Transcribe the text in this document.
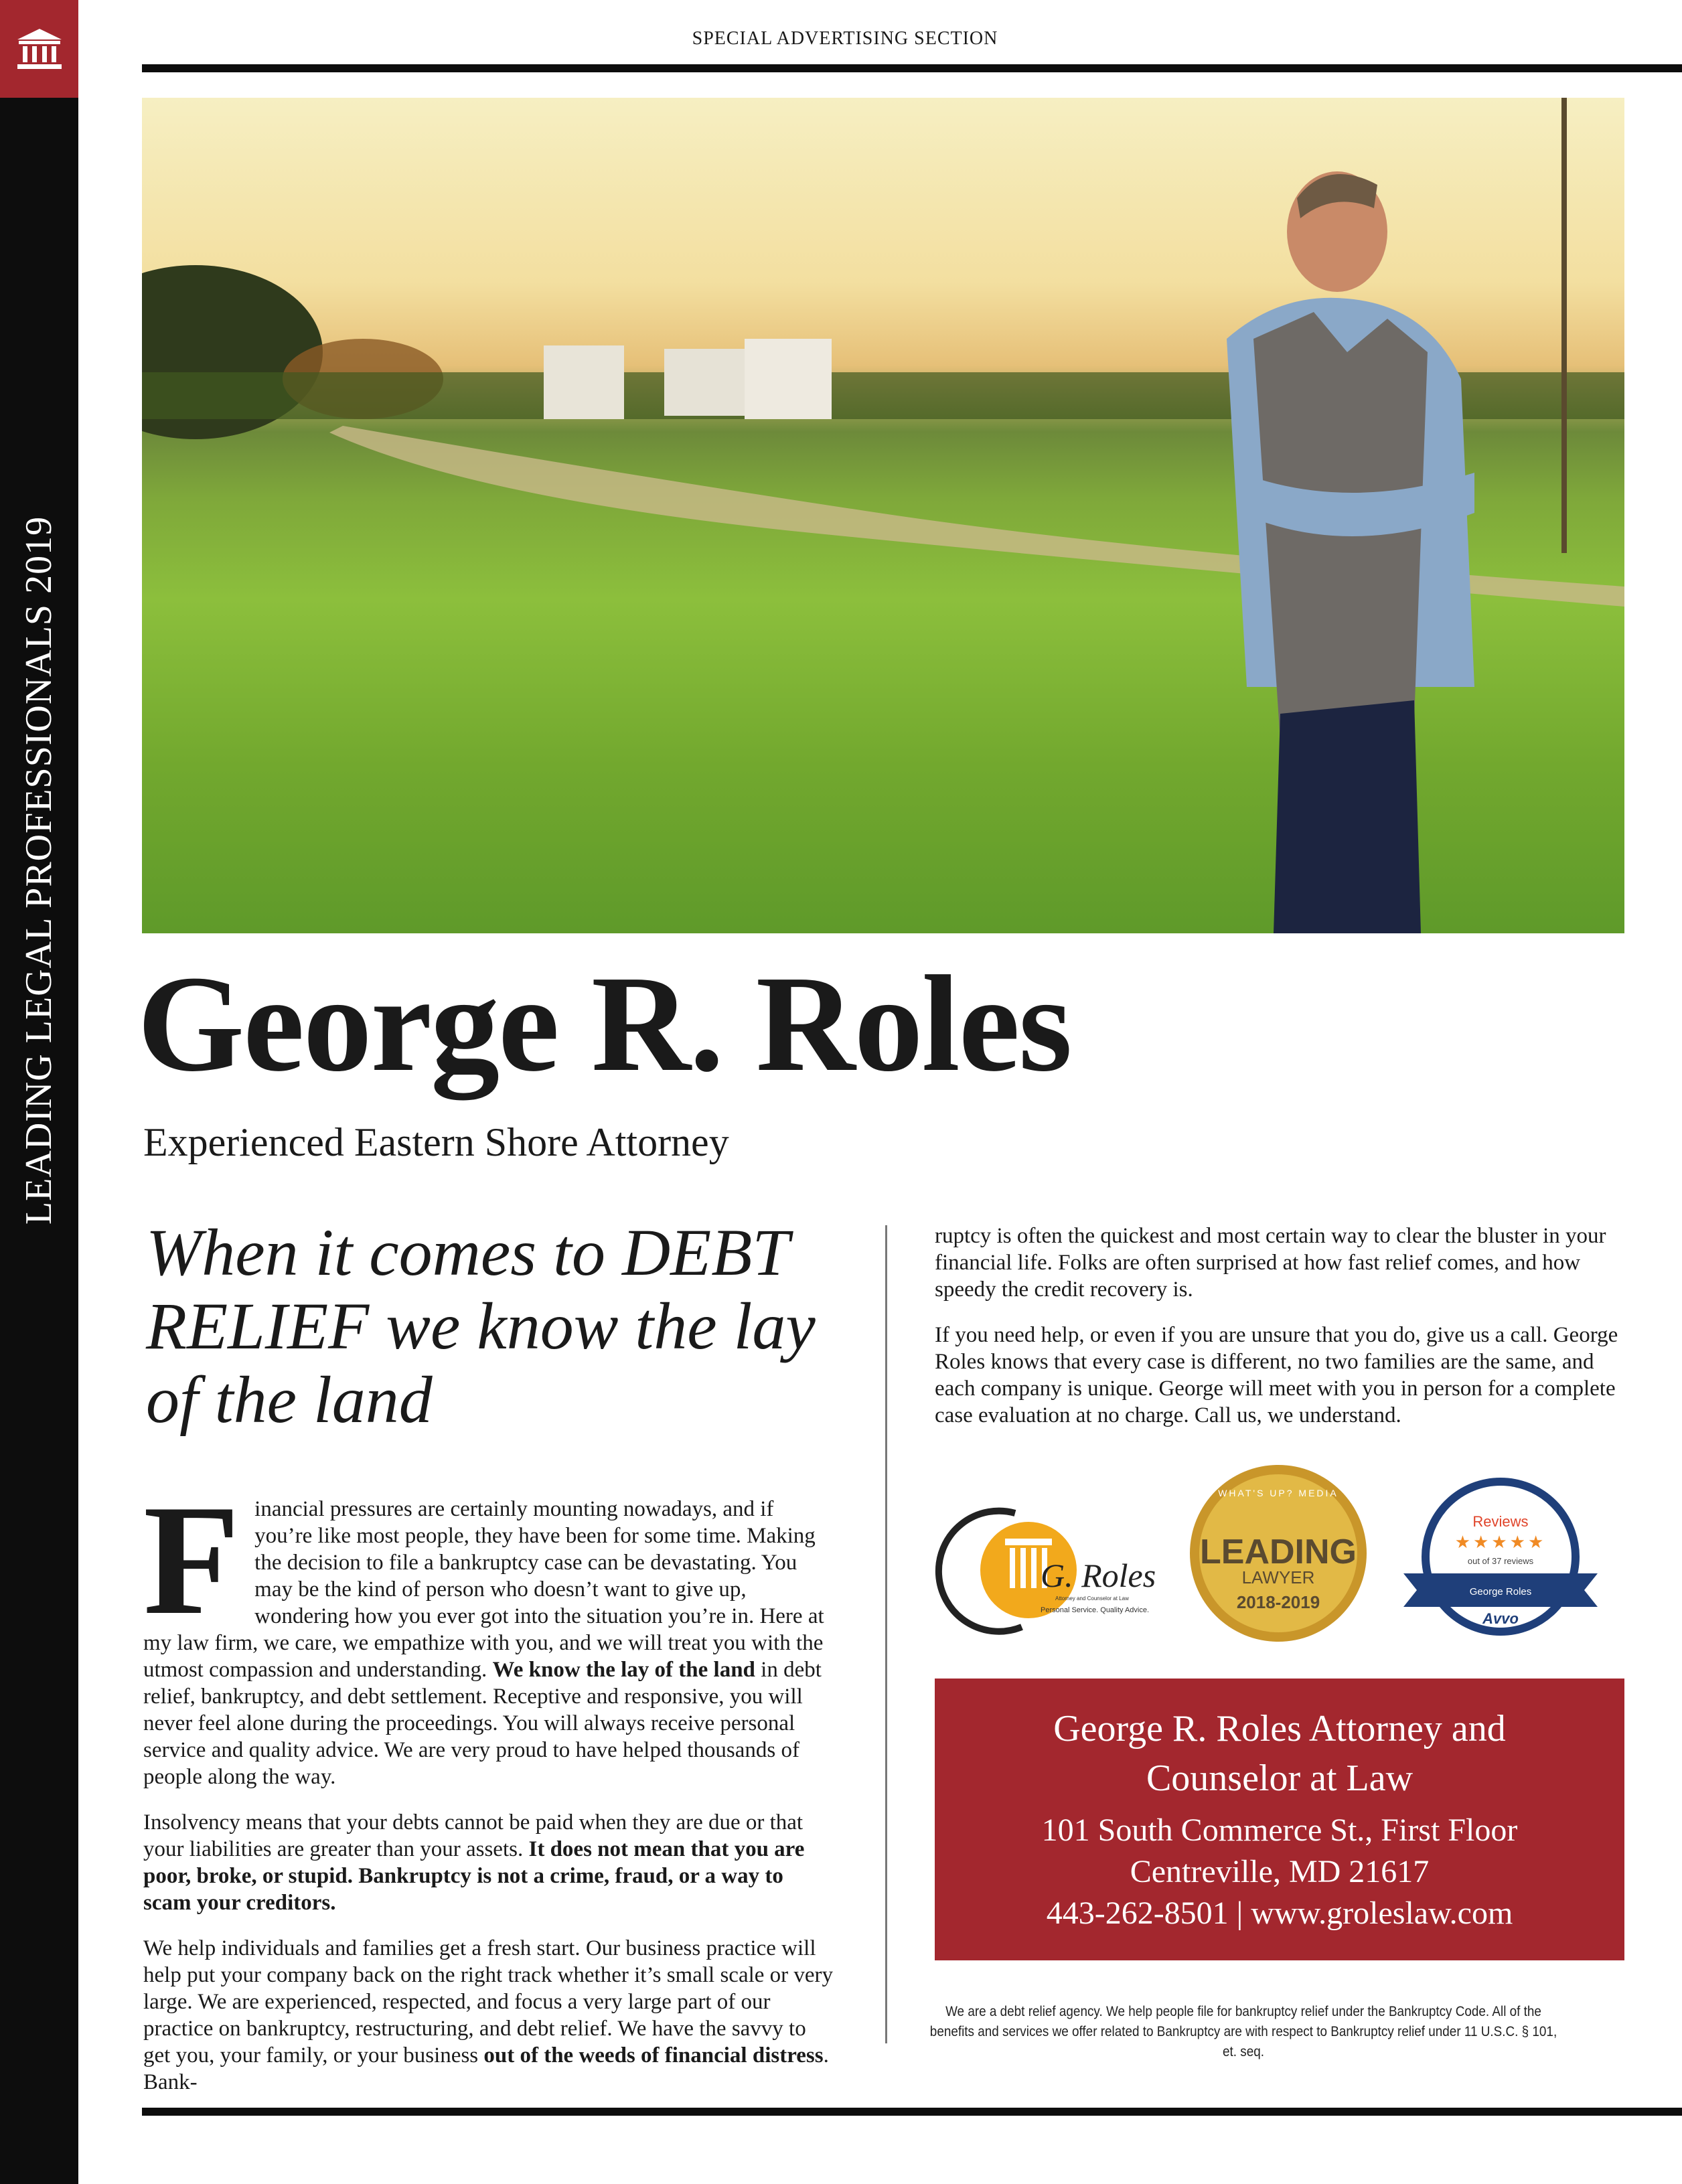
LEADING LEGAL PROFESSIONALS 2019
SPECIAL ADVERTISING SECTION
George R. Roles
Experienced Eastern Shore Attorney
When it comes to DEBT RELIEF we know the lay of the land

Financial pressures are certainly mounting nowadays, and if you’re like most people, they have been for some time. Making the decision to file a bankruptcy case can be devastating. You may be the kind of person who doesn’t want to give up, wondering how you ever got into the situation you’re in. Here at my law firm, we care, we empathize with you, and we will treat you with the utmost compassion and understanding. We know the lay of the land in debt relief, bankruptcy, and debt settlement. Receptive and responsive, you will never feel alone during the proceedings. You will always receive personal service and quality advice. We are very proud to have helped thousands of people along the way.

Insolvency means that your debts cannot be paid when they are due or that your liabilities are greater than your assets. It does not mean that you are poor, broke, or stupid. Bankruptcy is not a crime, fraud, or a way to scam your creditors.

We help individuals and families get a fresh start. Our business practice will help put your company back on the right track whether it’s small scale or very large. We are experienced, respected, and focus a very large part of our practice on bankruptcy, restructuring, and debt relief. We have the savvy to get you, your family, or your business out of the weeds of financial distress. Bank-

ruptcy is often the quickest and most certain way to clear the bluster in your financial life. Folks are often surprised at how fast relief comes, and how speedy the credit recovery is.

If you need help, or even if you are unsure that you do, give us a call. George Roles knows that every case is different, no two families are the same, and each company is unique. George will meet with you in person for a complete case evaluation at no charge. Call us, we understand.

G. Roles
Attorney and Counselor at Law
Personal Service. Quality Advice.
WHAT'S UP? MEDIA
LEADING
LAWYER
2018-2019
Reviews
★★★★★
out of 37 reviews
George Roles
Avvo
George R. Roles Attorney and
Counselor at Law
101 South Commerce St., First Floor
Centreville, MD 21617
443-262-8501 | www.groleslaw.com
We are a debt relief agency. We help people file for bankruptcy relief under the Bankruptcy Code. All of the benefits and services we offer related to Bankruptcy are with respect to Bankruptcy relief under 11 U.S.C. § 101, et. seq.
